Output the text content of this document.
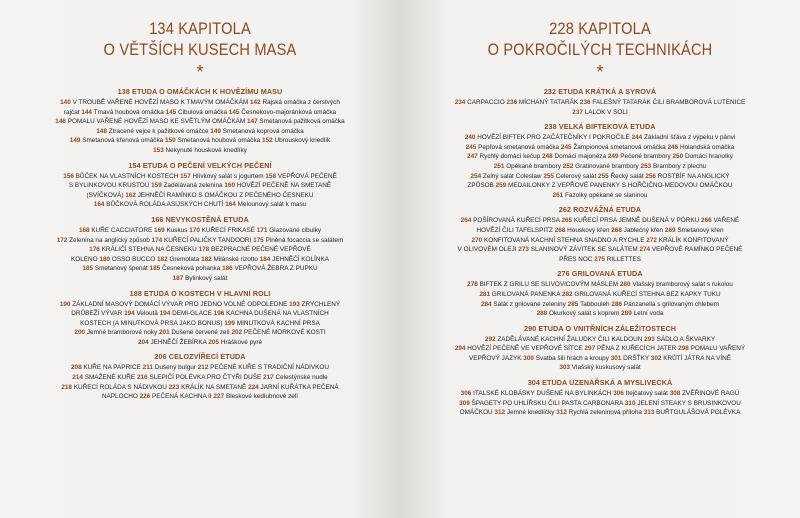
134 KAPITOLA
O VĚTŠÍCH KUSECH MASA
*
138 ETUDA O OMÁČKÁCH K HOVĚZÍMU MASU
140 V TROUBĚ VAŘENÉ HOVĚZÍ MASO K TMAVÝM OMÁČKÁM 142 Rajská omáčka z čerstvých
rajčat 144 Tmavá houbová omáčka 145 Cibulová omáčka 145 Česnekovo-majoránková omáčka
146 POMALU VAŘENÉ HOVĚZÍ MASO KE SVĚTLÝM OMÁČKÁM 147 Smetanová pažitková omáčka
148 Ztracené vejce k pažitkové omáčce 149 Smetanová koprová omáčka
149 Smetanová křenová omáčka 150 Smetanová houbová omáčka 152 Ubrouskový knedlík
153 Nekynuté houskové knedlíky
154 ETUDA O PEČENÍ VELKÝCH PEČENÍ
156 BŮČEK NA VLASTNÍCH KOSTECH 157 Hlívkový salát s jogurtem 158 VEPŘOVÁ PEČENĚ
S BYLINKOVOU KRUSTOU 159 Zadělávaná zelenina 160 HOVĚZÍ PEČENĚ NA SMETANĚ
(SVÍČKOVÁ) 162 JEHNĚČÍ RAMÍNKO S OMÁČKOU Z PEČENÉHO ČESNEKU
164 BŮČKOVÁ ROLÁDA ASIJSKÝCH CHUTÍ 164 Melounový salát k masu
166 NEVYKOSTĚNÁ ETUDA
168 KUŘE CACCIATORE 169 Kuskus 170 KUŘECÍ FRIKASÉ 171 Glazované cibulky
172 Zelenina na anglický způsob 174 KUŘECÍ PALIČKY TANDOORI 175 Plněná focaccia se salátem
176 KRÁLIČÍ STEHNA NA ČESNEKU 178 BEZPRACNÉ PEČENÉ VEPŘOVÉ
KOLENO 180 OSSO BUCCO 182 Gremolata 182 Milánské rizotto 184 JEHNĚČÍ KOLÍNKA
185 Smetanový špenát 185 Česneková pohanka 186 VEPŘOVÁ ŽEBRA Z PUPKU
187 Bylinkový salát
188 ETUDA O KOSTECH V HLAVNÍ ROLI
190 ZÁKLADNÍ MASOVÝ DOMÁCÍ VÝVAR PRO JEDNO VOLNÉ ODPOLEDNE 193 ZRYCHLENÝ
DRŮBEŽÍ VÝVAR 194 Veloută 194 DEMI-GLACE 196 KACHNA DUŠENÁ NA VLASTNÍCH
KOSTECH (A MINUTKOVÁ PRSA JAKO BONUS) 199 MINUTKOVÁ KACHNÍ PRSA
200 Jemné bramborové noky 201 Dušené červené zelí 202 PEČENÉ MORKOVÉ KOSTI
204 JEHNĚČÍ ŽEBÍRKA 205 Hráškové pyré
206 CELOZVÍŘECÍ ETUDA
208 KUŘE NA PAPRICE 211 Dušený bulgur 212 PEČENÉ KUŘE S TRADIČNÍ NÁDIVKOU
214 SMAŽENÉ KUŘE 216 SLEPIČÍ POLÉVKA PRO ČTYŘI DUŠE 217 Celestýnské nudle
218 KUŘECÍ ROLÁDA S NÁDIVKOU 223 KRÁLÍK NA SMETANĚ 224 JARNÍ KUŘÁTKA PEČENÁ
NAPLOCHO 226 PEČENÁ KACHNA II 227 Bleskové kedlubnové zelí
228 KAPITOLA
O POKROČILÝCH TECHNIKÁCH
*
232 ETUDA KRÁTKÁ A SYROVÁ
234 CARPACCIO 236 MÍCHANÝ TATARÁK 236 FALEŠNÝ TATARÁK ČILI BRAMBOROVÁ LUTENICE
237 LALOK V SOLI
238 VELKÁ BIFTEKOVÁ ETUDA
240 HOVĚZÍ BIFTEK PRO ZAČÁTEČNÍKY I POKROČILÉ 244 Základní šťáva z výpeku v pánvi
245 Pepřová smetanová omáčka 245 Žampionová smetanová omáčka 246 Holandská omáčka
247 Rychlý domácí kečup 248 Domácí majonéza 249 Pečené brambory 250 Domácí hranolky
251 Opékané brambory 252 Gratinované brambory 253 Brambory z plechu
254 Zelný salát Coleslaw 255 Celerový salát 255 Řecký salát 256 ROSTBÍF NA ANGLICKÝ
ZPŮSOB 259 MEDAILONKY Z VEPŘOVÉ PANENKY S HOŘČIČNO-MEDOVOU OMÁČKOU
261 Fazolky opékané se slaninou
262 ROZVÁŽNÁ ETUDA
264 POŠÍROVANÁ KUŘECÍ PRSA 265 KUŘECÍ PRSA JEMNĚ DUŠENÁ V PÓRKU 266 VAŘENÉ
HOVĚZÍ ČILI TAFELSPITZ 268 Houskový křen 268 Jablečný křen 269 Smetanový křen
270 KONFITOVANÁ KACHNÍ STEHNA SNADNO A RYCHLE 272 KRÁLÍK KONFITOVANÝ
V OLIVOVÉM OLEJI 273 SLANINOVÝ ZÁVITEK SE SALÁTEM 274 VEPŘOVÉ RAMÍNKO PEČENÉ
PŘES NOC 275 RILLETTES
276 GRILOVANÁ ETUDA
278 BIFTEK Z GRILU SE SLIVOVICOVÝM MÁSLEM 280 Vlašský bramborový salát s rukolou
281 GRILOVANÁ PANENKA 282 GRILOVANÁ KUŘECÍ STEHNA BEZ KAPKY TUKU
284 Salát z grilované zeleniny 285 Tabbouleh 286 Panzanella s grilovaným chlebem
288 Okurkový salát s koprem 289 Letní voda
290 ETUDA O VNITŘNÍCH ZÁLEŽITOSTECH
292 ZADĚLÁVANÉ KACHNÍ ŽALUDKY ČILI KALDOUN 293 SÁDLO A ŠKVARKY
294 HOVĚZÍ PEČENĚ VE VEPŘOVÉ SÍTCE 297 PĚNA Z KUŘECÍCH JATER 298 POMALU VAŘENÝ
VEPŘOVÝ JAZYK 300 Svatba šili hrách a kroupy 301 DRŠŤKY 302 KRŮTÍ JÁTRA NA VÍNĚ
303 Vlašský kuskusový salát
304 ETUDA UZENÁŘSKÁ A MYSLIVECKÁ
306 ITALSKÉ KLOBÁSKY DUŠENÉ NA BYLINKÁCH 306 Itejčatový salát 308 ZVĚŘINOVÉ RAGÚ
309 ŠPAGETY PO UHLÍŘSKU ČILI PASTA CARBONARA 310 JELENÍ STEAKY S BRUSINKOVOU
OMÁČKOU 312 Jemné knedlíčky 312 Rychlá zeleninová příloha 313 BUŘTGULÁŠOVÁ POLÉVKA
